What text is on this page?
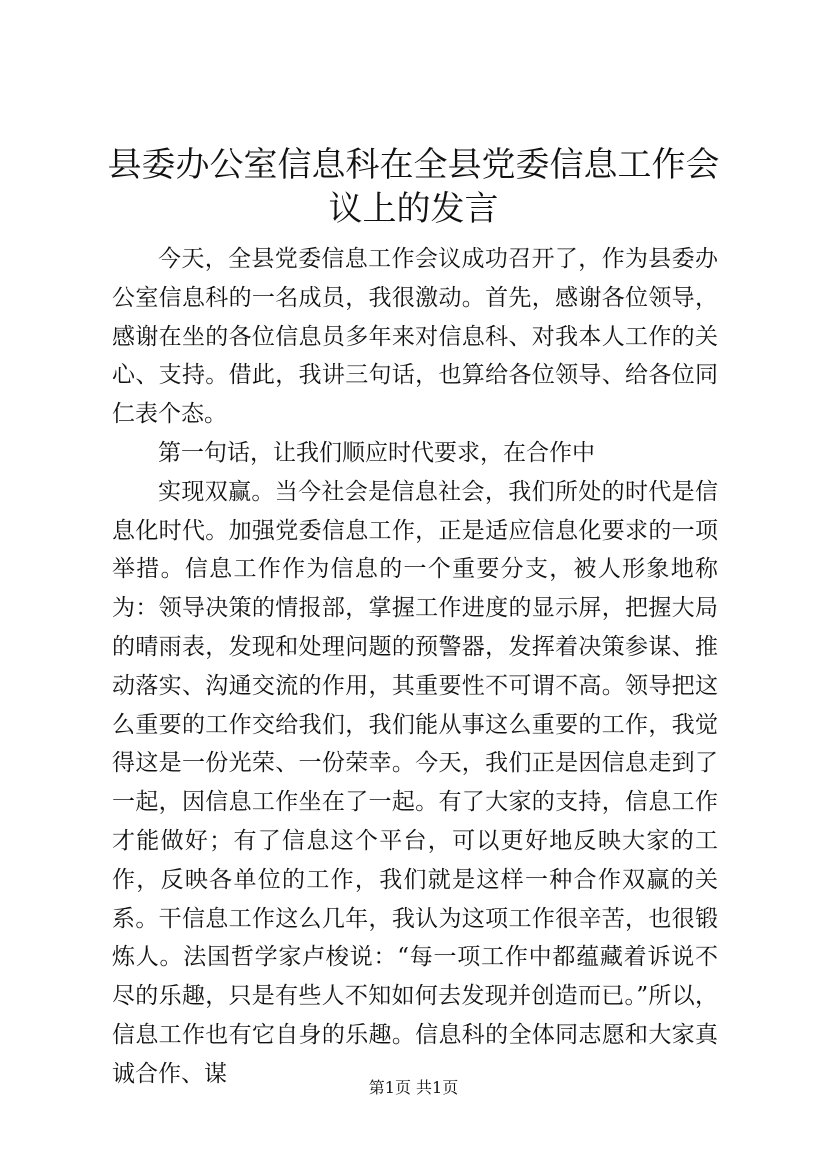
县委办公室信息科在全县党委信息工作会议上的发言

今天，全县党委信息工作会议成功召开了，作为县委办公室信息科的一名成员，我很激动。首先，感谢各位领导，感谢在坐的各位信息员多年来对信息科、对我本人工作的关心、支持。借此，我讲三句话，也算给各位领导、给各位同仁表个态。

第一句话，让我们顺应时代要求，在合作中

实现双赢。当今社会是信息社会，我们所处的时代是信息化时代。加强党委信息工作，正是适应信息化要求的一项举措。信息工作作为信息的一个重要分支，被人形象地称为：领导决策的情报部，掌握工作进度的显示屏，把握大局的晴雨表，发现和处理问题的预警器，发挥着决策参谋、推动落实、沟通交流的作用，其重要性不可谓不高。领导把这么重要的工作交给我们，我们能从事这么重要的工作，我觉得这是一份光荣、一份荣幸。今天，我们正是因信息走到了一起，因信息工作坐在了一起。有了大家的支持，信息工作才能做好；有了信息这个平台，可以更好地反映大家的工作，反映各单位的工作，我们就是这样一种合作双赢的关系。干信息工作这么几年，我认为这项工作很辛苦，也很锻炼人。法国哲学家卢梭说：“每一项工作中都蕴藏着诉说不尽的乐趣，只是有些人不知如何去发现并创造而已。”所以，信息工作也有它自身的乐趣。信息科的全体同志愿和大家真诚合作、谋

第1页 共1页
